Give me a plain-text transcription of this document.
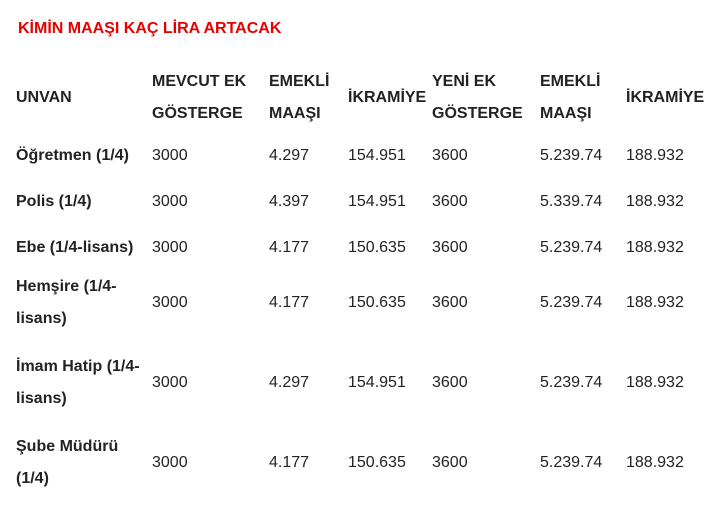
KİMİN MAAŞI KAÇ LİRA ARTACAK
UNVAN	MEVCUT EK GÖSTERGE	EMEKLİ MAAŞI	İKRAMİYE	YENİ EK GÖSTERGE	EMEKLİ MAAŞI	İKRAMİYE
Öğretmen (1/4)	3000	4.297	154.951	3600	5.239.74	188.932
Polis (1/4)	3000	4.397	154.951	3600	5.339.74	188.932
Ebe (1/4-lisans)	3000	4.177	150.635	3600	5.239.74	188.932
Hemşire (1/4-lisans)	3000	4.177	150.635	3600	5.239.74	188.932
İmam Hatip (1/4-lisans)	3000	4.297	154.951	3600	5.239.74	188.932
Şube Müdürü (1/4)	3000	4.177	150.635	3600	5.239.74	188.932
